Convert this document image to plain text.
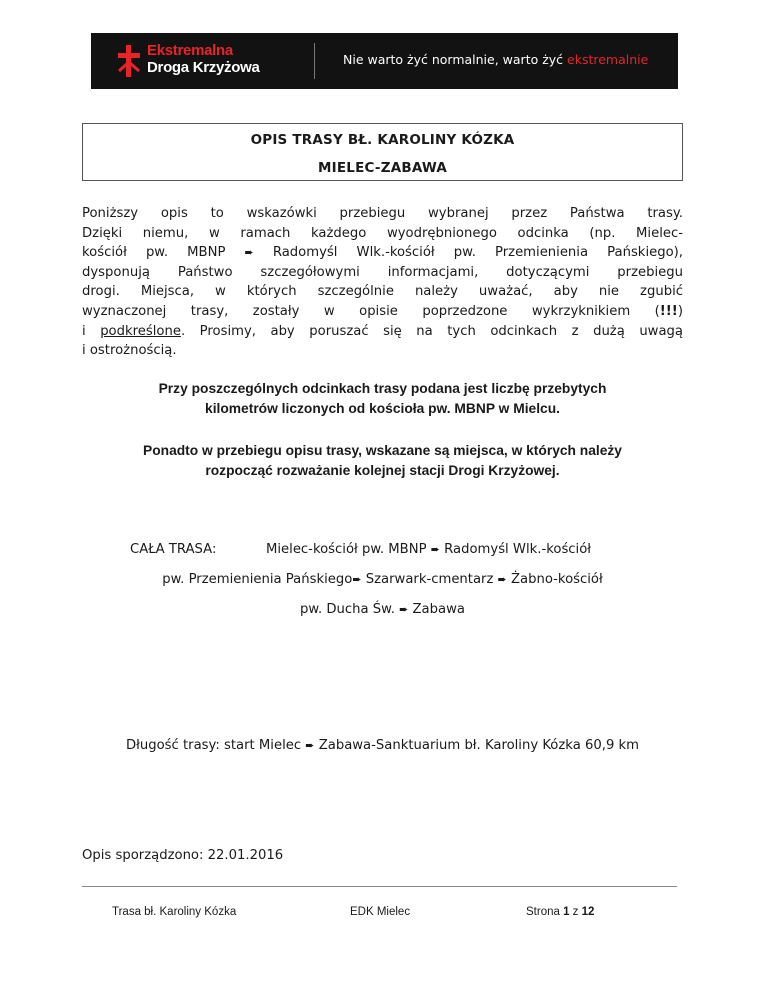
Ekstremalna
Droga Krzyżowa	Nie warto żyć normalnie, warto żyć ekstremalnie
OPIS TRASY BŁ. KAROLINY KÓZKA
MIELEC-ZABAWA
Poniższy opis to wskazówki przebiegu wybranej przez Państwa trasy.
Dzięki niemu, w ramach każdego wyodrębnionego odcinka (np. Mielec-
kościół pw. MBNP ➨ Radomyśl Wlk.-kościół pw. Przemienienia Pańskiego),
dysponują Państwo szczegółowymi informacjami, dotyczącymi przebiegu
drogi. Miejsca, w których szczególnie należy uważać, aby nie zgubić
wyznaczonej trasy, zostały w opisie poprzedzone wykrzyknikiem (!!!)
i podkreślone. Prosimy, aby poruszać się na tych odcinkach z dużą uwagą
i ostrożnością.
Przy poszczególnych odcinkach trasy podana jest liczbę przebytych
kilometrów liczonych od kościoła pw. MBNP w Mielcu.
Ponadto w przebiegu opisu trasy, wskazane są miejsca, w których należy
rozpocząć rozważanie kolejnej stacji Drogi Krzyżowej.
CAŁA TRASA:	Mielec-kościół pw. MBNP ➨ Radomyśl Wlk.-kościół
pw. Przemienienia Pańskiego➨ Szarwark-cmentarz ➨ Żabno-kościół
pw. Ducha Św. ➨ Zabawa
Długość trasy: start Mielec ➨ Zabawa-Sanktuarium bł. Karoliny Kózka 60,9 km
Opis sporządzono: 22.01.2016
Trasa bł. Karoliny Kózka	EDK Mielec	Strona 1 z 12
